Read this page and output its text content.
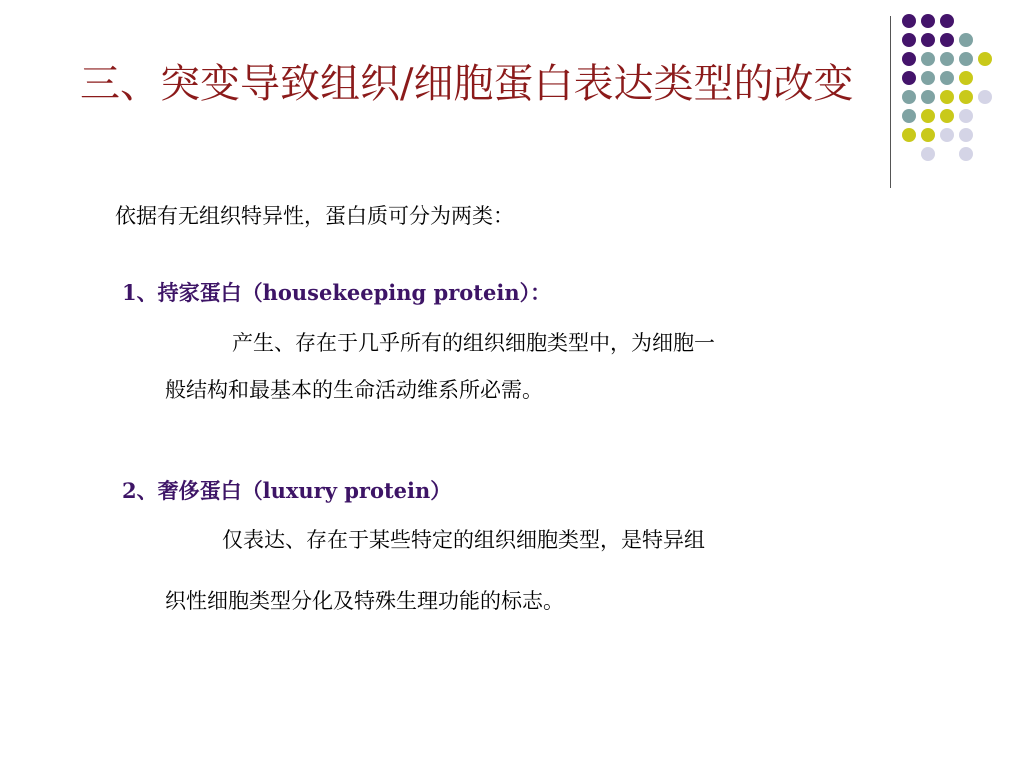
三、突变导致组织/细胞蛋白表达类型的改变
依据有无组织特异性，蛋白质可分为两类：
1、持家蛋白（housekeeping protein）：
产生、存在于几乎所有的组织细胞类型中，为细胞一
般结构和最基本的生命活动维系所必需。
2、奢侈蛋白（luxury protein）
仅表达、存在于某些特定的组织细胞类型，是特异组
织性细胞类型分化及特殊生理功能的标志。
